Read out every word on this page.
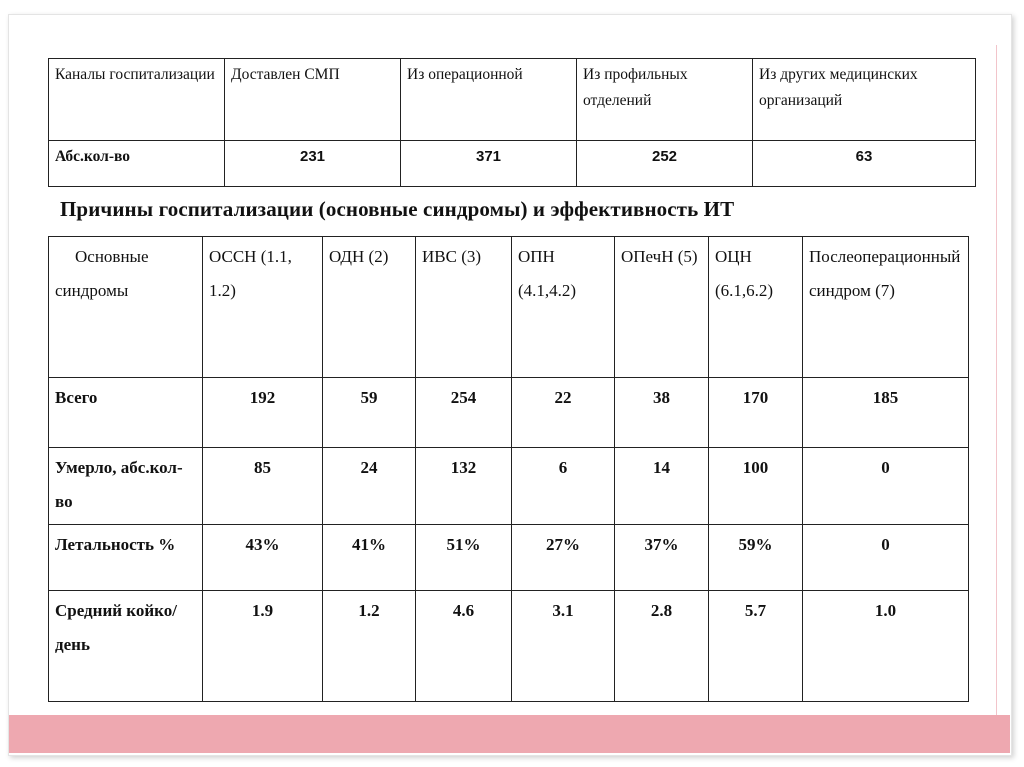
Каналы госпитализации	Доставлен СМП	Из операционной	Из профильных отделений	Из других медицинских организаций
Абс.кол-во	231	371	252	63
Причины госпитализации (основные синдромы) и эффективность ИТ
Основные синдромы	ОССН (1.1, 1.2)	ОДН (2)	ИВС (3)	ОПН (4.1,4.2)	ОПечН (5)	ОЦН (6.1,6.2)	Послеоперационный синдром (7)
Всего	192	59	254	22	38	170	185
Умерло, абс.кол-во	85	24	132	6	14	100	0
Летальность %	43%	41%	51%	27%	37%	59%	0
Средний койко/день	1.9	1.2	4.6	3.1	2.8	5.7	1.0
